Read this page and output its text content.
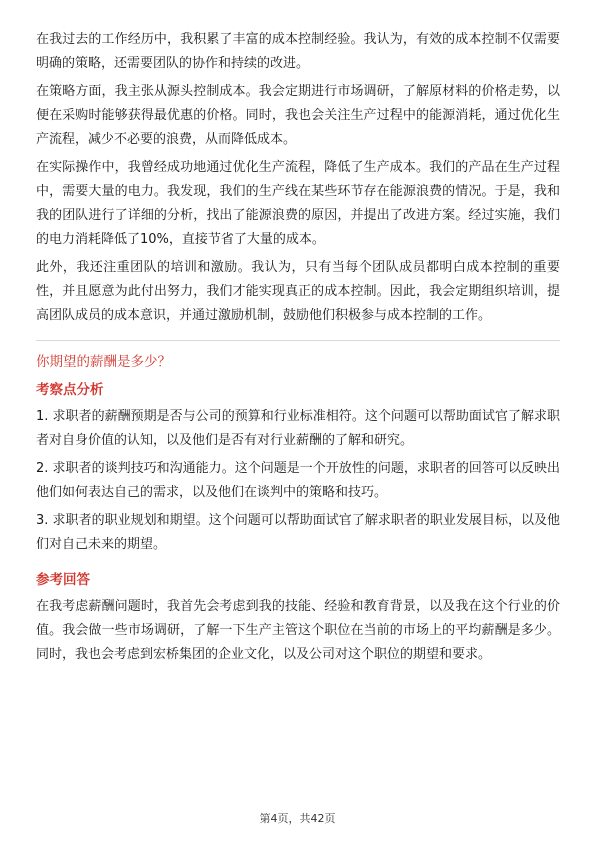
在我过去的工作经历中，我积累了丰富的成本控制经验。我认为，有效的成本控制不仅需要明确的策略，还需要团队的协作和持续的改进。

在策略方面，我主张从源头控制成本。我会定期进行市场调研，了解原材料的价格走势，以便在采购时能够获得最优惠的价格。同时，我也会关注生产过程中的能源消耗，通过优化生产流程，减少不必要的浪费，从而降低成本。

在实际操作中，我曾经成功地通过优化生产流程，降低了生产成本。我们的产品在生产过程中，需要大量的电力。我发现，我们的生产线在某些环节存在能源浪费的情况。于是，我和我的团队进行了详细的分析，找出了能源浪费的原因，并提出了改进方案。经过实施，我们的电力消耗降低了10%，直接节省了大量的成本。

此外，我还注重团队的培训和激励。我认为，只有当每个团队成员都明白成本控制的重要性，并且愿意为此付出努力，我们才能实现真正的成本控制。因此，我会定期组织培训，提高团队成员的成本意识，并通过激励机制，鼓励他们积极参与成本控制的工作。

你期望的薪酬是多少？
考察点分析

1. 求职者的薪酬预期是否与公司的预算和行业标准相符。这个问题可以帮助面试官了解求职者对自身价值的认知，以及他们是否有对行业薪酬的了解和研究。

2. 求职者的谈判技巧和沟通能力。这个问题是一个开放性的问题，求职者的回答可以反映出他们如何表达自己的需求，以及他们在谈判中的策略和技巧。

3. 求职者的职业规划和期望。这个问题可以帮助面试官了解求职者的职业发展目标，以及他们对自己未来的期望。

参考回答

在我考虑薪酬问题时，我首先会考虑到我的技能、经验和教育背景，以及我在这个行业的价值。我会做一些市场调研，了解一下生产主管这个职位在当前的市场上的平均薪酬是多少。同时，我也会考虑到宏桥集团的企业文化，以及公司对这个职位的期望和要求。

第4页，共42页
